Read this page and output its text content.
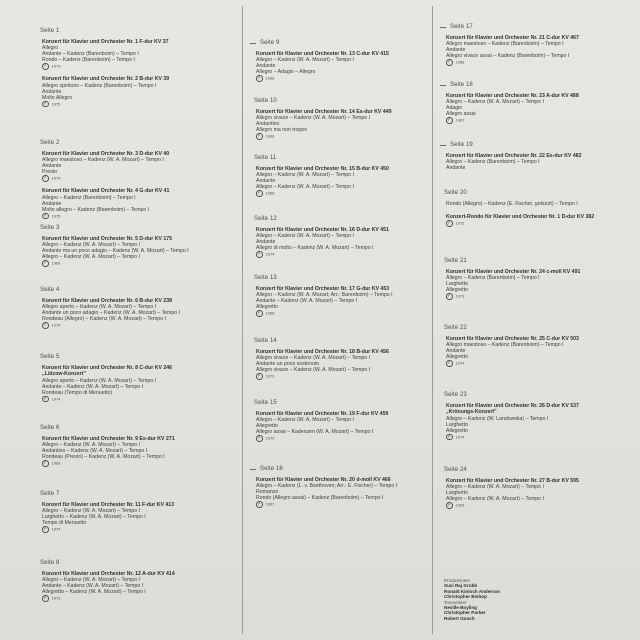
Seite 1
Konzert für Klavier und Orchester Nr. 1 F-dur KV 37
Allegro
Andante – Kadenz (Barenboim) – Tempo I
Rondo – Kadenz (Barenboim) – Tempo I
P 1973
Konzert für Klavier und Orchester Nr. 2 B-dur KV 39
Allegro spiritoso – Kadenz (Barenboim) – Tempo I
Andante
Molto Allegro
P 1975
Seite 2
Konzert für Klavier und Orchester Nr. 3 D-dur KV 40
Allegro maestoso – Kadenz (W. A. Mozart) – Tempo I
Andante
Presto
P 1975
Konzert für Klavier und Orchester Nr. 4 G-dur KV 41
Allegro – Kadenz (Barenboim) – Tempo I
Andante
Molto allegro – Kadenz (Barenboim) – Tempo I
P 1975
Seite 3
Konzert für Klavier und Orchester Nr. 5 D-dur KV 175
Allegro – Kadenz (W. A. Mozart) – Tempo I
Andante ma un poco adagio – Kadenz (W. A. Mozart) – Tempo I
Allegro – Kadenz (W. A. Mozart) – Tempo I
P 1969
Seite 4
Konzert für Klavier und Orchester Nr. 6 B-dur KV 238
Allegro aperto – Kadenz (W. A. Mozart) – Tempo I
Andante un poco adagio – Kadenz (W. A. Mozart) – Tempo I
Rondeau (Allegro) – Kadenz (W. A. Mozart) – Tempo I
P 1974
Seite 5
Konzert für Klavier und Orchester Nr. 8 C-dur KV 246
„Lützow-Konzert"
Allegro aperto – Kadenz (W. A. Mozart) – Tempo I
Andante – Kadenz (W. A. Mozart) – Tempo I
Rondeau (Tempo di Menuetto)
P 1974
Seite 6
Konzert für Klavier und Orchester Nr. 9 Es-dur KV 271
Allegro – Kadenz (W. A. Mozart) – Tempo I
Andantino – Kadenz (W. A. Mozart) – Tempo I
Rondeau (Presto) – Kadenz (W. A. Mozart) – Tempo I
P 1968
Seite 7
Konzert für Klavier und Orchester Nr. 11 F-dur KV 413
Allegro – Kadenz (W. A. Mozart) – Tempo I
Larghetto – Kadenz (W. A. Mozart) – Tempo I
Tempo di Menuetto
P 1974
Seite 8
Konzert für Klavier und Orchester Nr. 12 A-dur KV 414
Allegro – Kadenz (W. A. Mozart) – Tempo I
Andante – Kadenz (W. A. Mozart) – Tempo I
Allegretto – Kadenz (W. A. Mozart) – Tempo I
P 1973
Seite 9
Konzert für Klavier und Orchester Nr. 13 C-dur KV 415
Allegro – Kadenz (W. A. Mozart) – Tempo I
Andante
Allegro – Adagio – Allegro
P 1968
Seite 10
Konzert für Klavier und Orchester Nr. 14 Es-dur KV 449
Allegro vivace – Kadenz (W. A. Mozart) – Tempo I
Andantino
Allegro ma non troppo
P 1968
Seite 11
Konzert für Klavier und Orchester Nr. 15 B-dur KV 450
Allegro – Kadenz (W. A. Mozart) – Tempo I
Andante
Allegro – Kadenz (W. A. Mozart) – Tempo I
P 1968
Seite 12
Konzert für Klavier und Orchester Nr. 16 D-dur KV 451
Allegro – Kadenz (W. A. Mozart) – Tempo I
Andante
Allegro di molto – Kadenz (W. A. Mozart) – Tempo I
P 1974
Seite 13
Konzert für Klavier und Orchester Nr. 17 G-dur KV 453
Allegro – Kadenz (W. A. Mozart; Arr.: Barenboim) – Tempo I
Andante – Kadenz (W. A. Mozart) – Tempo I
Allegretto
P 1968
Seite 14
Konzert für Klavier und Orchester Nr. 18 B-dur KV 456
Allegro vivace – Kadenz (W. A. Mozart) – Tempo I
Andante un poco sostenuto
Allegro vivace – Kadenz (W. A. Mozart) – Tempo I
P 1973
Seite 15
Konzert für Klavier und Orchester Nr. 19 F-dur KV 459
Allegro – Kadenz (W. A. Mozart) – Tempo I
Allegretto
Allegro assai – Kadenzen (W. A. Mozart) – Tempo I
P 1973
Seite 16
Konzert für Klavier und Orchester Nr. 20 d-moll KV 466
Allegro – Kadenz (L. v. Beethoven; Arr.: E. Fischer) – Tempo I
Romanze
Rondo (Allegro assai) – Kadenz (Barenboim) – Tempo I
P 1967
Produzenten
Suvi Raj Grubb
Ronald Kinloch Anderson
Christopher Bishop
Tonmeister
Neville Boyling
Christopher Parker
Robert Gooch
Seite 17
Konzert für Klavier und Orchester Nr. 21 C-dur KV 467
Allegro maestoso – Kadenz (Barenboim) – Tempo I
Andante
Allegro vivace assai – Kadenz (Barenboim) – Tempo I
P 1968
Seite 18
Konzert für Klavier und Orchester Nr. 23 A-dur KV 488
Allegro – Kadenz (W. A. Mozart) – Tempo I
Adagio
Allegro assai
P 1967
Seite 19
Konzert für Klavier und Orchester Nr. 22 Es-dur KV 482
Allegro – Kadenz (Barenboim) – Tempo I
Andante
Seite 20
Rondo (Allegro) – Kadenz (E. Fischer, gekürzt) – Tempo I
Konzert-Rondo für Klavier und Orchester Nr. 1 D-dur KV 382
P 1972
Seite 21
Konzert für Klavier und Orchester Nr. 24 c-moll KV 491
Allegro – Kadenz (Barenboim) – Tempo I
Larghetto
Allegretto
P 1973
Seite 22
Konzert für Klavier und Orchester Nr. 25 C-dur KV 503
Allegro maestoso – Kadenz (Barenboim) – Tempo I
Andante
Allegretto
P 1974
Seite 23
Konzert für Klavier und Orchester Nr. 26 D-dur KV 537
„Krönungs-Konzert"
Allegro – Kadenz (W. Landowska) – Tempo I
Larghetto
Allegretto
P 1974
Seite 24
Konzert für Klavier und Orchester Nr. 27 B-dur KV 595
Allegro – Kadenz (W. A. Mozart) – Tempo I
Larghetto
Allegro – Kadenz (W. A. Mozart) – Tempo I
P 1969
